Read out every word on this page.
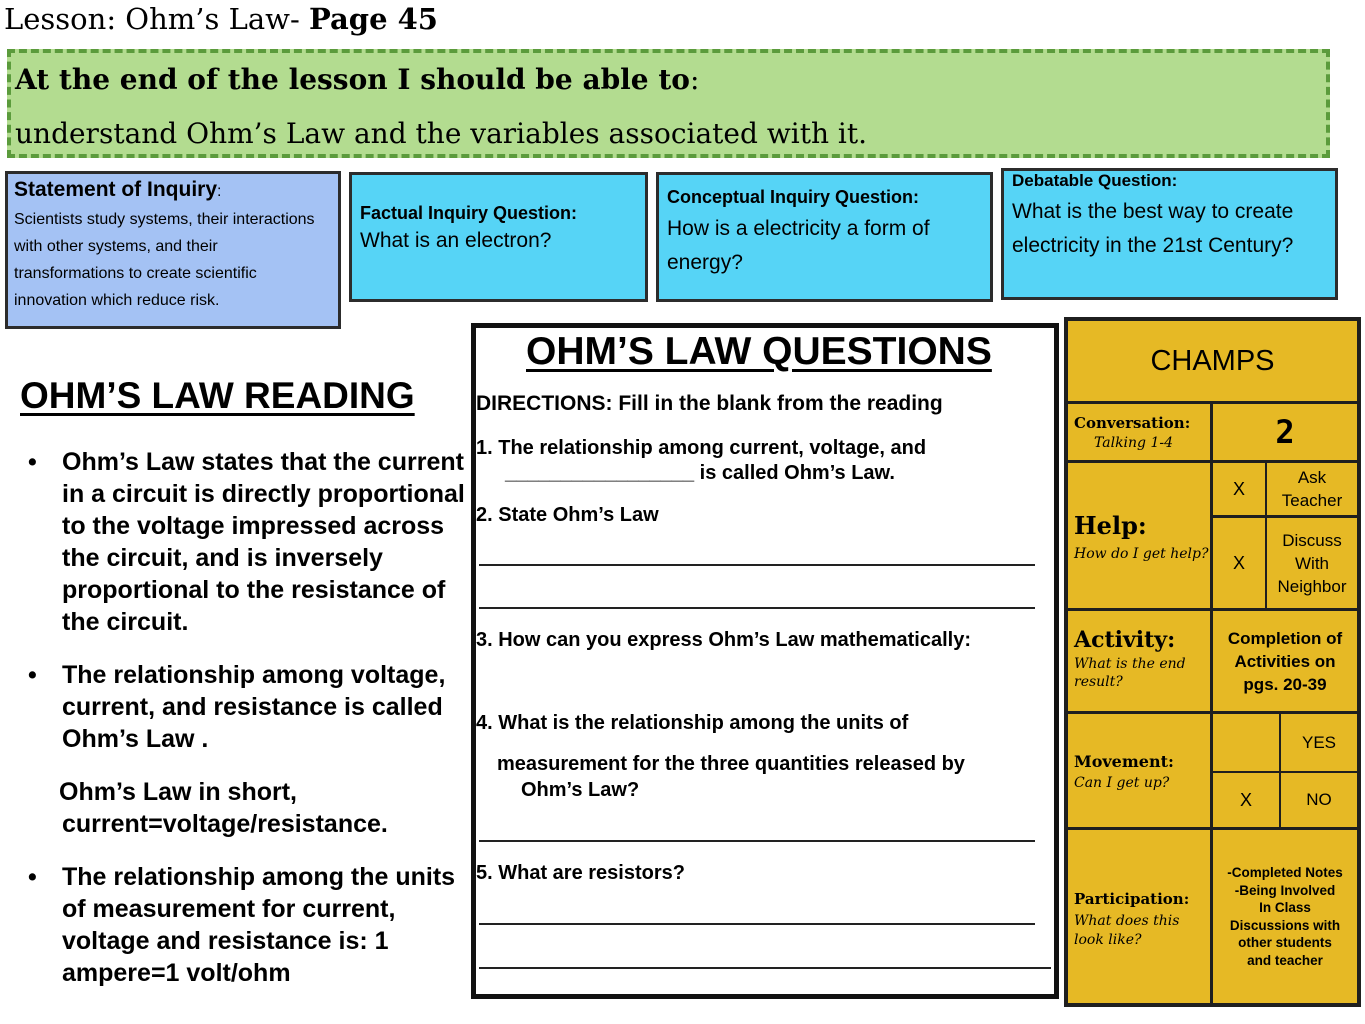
Lesson: Ohm’s Law- Page 45
At the end of the lesson I should be able to:
understand Ohm’s Law and the variables associated with it.
Statement of Inquiry:
Scientists study systems, their interactions with other systems, and their transformations to create scientific innovation which reduce risk.
Factual Inquiry Question:
What is an electron?
Conceptual Inquiry Question:
How is a electricity a form of energy?
Debatable Question:
What is the best way to create electricity in the 21st Century?
OHM’S LAW READING
• Ohm’s Law states that the current in a circuit is directly proportional to the voltage impressed across the circuit, and is inversely proportional to the resistance of the circuit.
• The relationship among voltage, current, and resistance is called Ohm’s Law .
Ohm’s Law in short, current=voltage/resistance.
• The relationship among the units of measurement for current, voltage and resistance is: 1 ampere=1 volt/ohm
OHM’S LAW QUESTIONS
DIRECTIONS: Fill in the blank from the reading
1. The relationship among current, voltage, and
_________________ is called Ohm’s Law.
2. State Ohm’s Law
3. How can you express Ohm’s Law mathematically:
4. What is the relationship among the units of
measurement for the three quantities released by
Ohm’s Law?
5. What are resistors?
CHAMPS
Conversation:
Talking 1-4	2
Help:
How do I get help?
X
Ask Teacher
X
Discuss With Neighbor
Activity:
What is the end result?
Completion of Activities on pgs. 20-39
Movement:
Can I get up?
YES
X	NO
Participation:
What does this look like?
-Completed Notes -Being Involved In Class Discussions with other students and teacher
